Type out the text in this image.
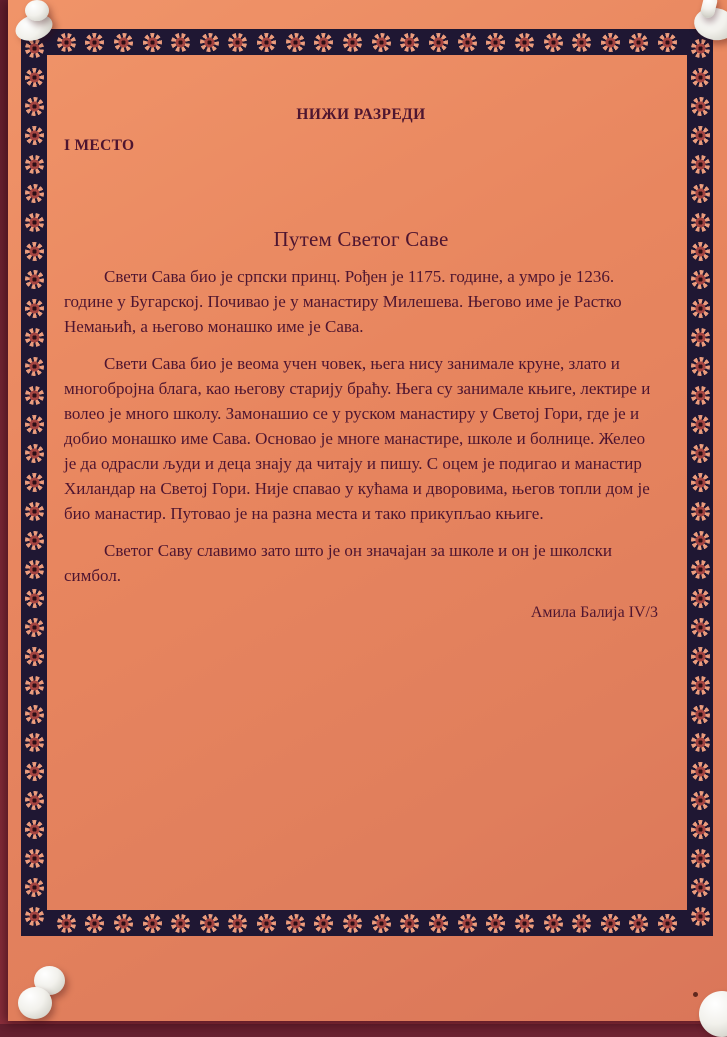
НИЖИ РАЗРЕДИ

I МЕСТО

Путем Светог Саве

Свети Сава био је српски принц. Рођен је 1175. године, а умро је 1236. године у Бугарској. Почивао је у манастиру Милешева. Његово име је Растко Немањић, а његово монашко име је Сава.

Свети Сава био је веома учен човек, њега нису занимале круне, злато и многобројна блага, као његову старију браћу. Њега су занимале књиге, лектире и волео је много школу. Замонашио се у руском манастиру у Светој Гори, где је и добио монашко име Сава. Основао је многе манастире, школе и болнице. Желео је да одрасли људи и деца знају да читају и пишу. С оцем је подигао и манастир Хиландар на Светој Гори. Није спавао у кућама и дворовима, његов топли дом је био манастир. Путовао је на разна места и тако прикупљао књиге.

Светог Саву славимо зато што је он значајан за школе и он је школски симбол.

Амила Балија IV/3
